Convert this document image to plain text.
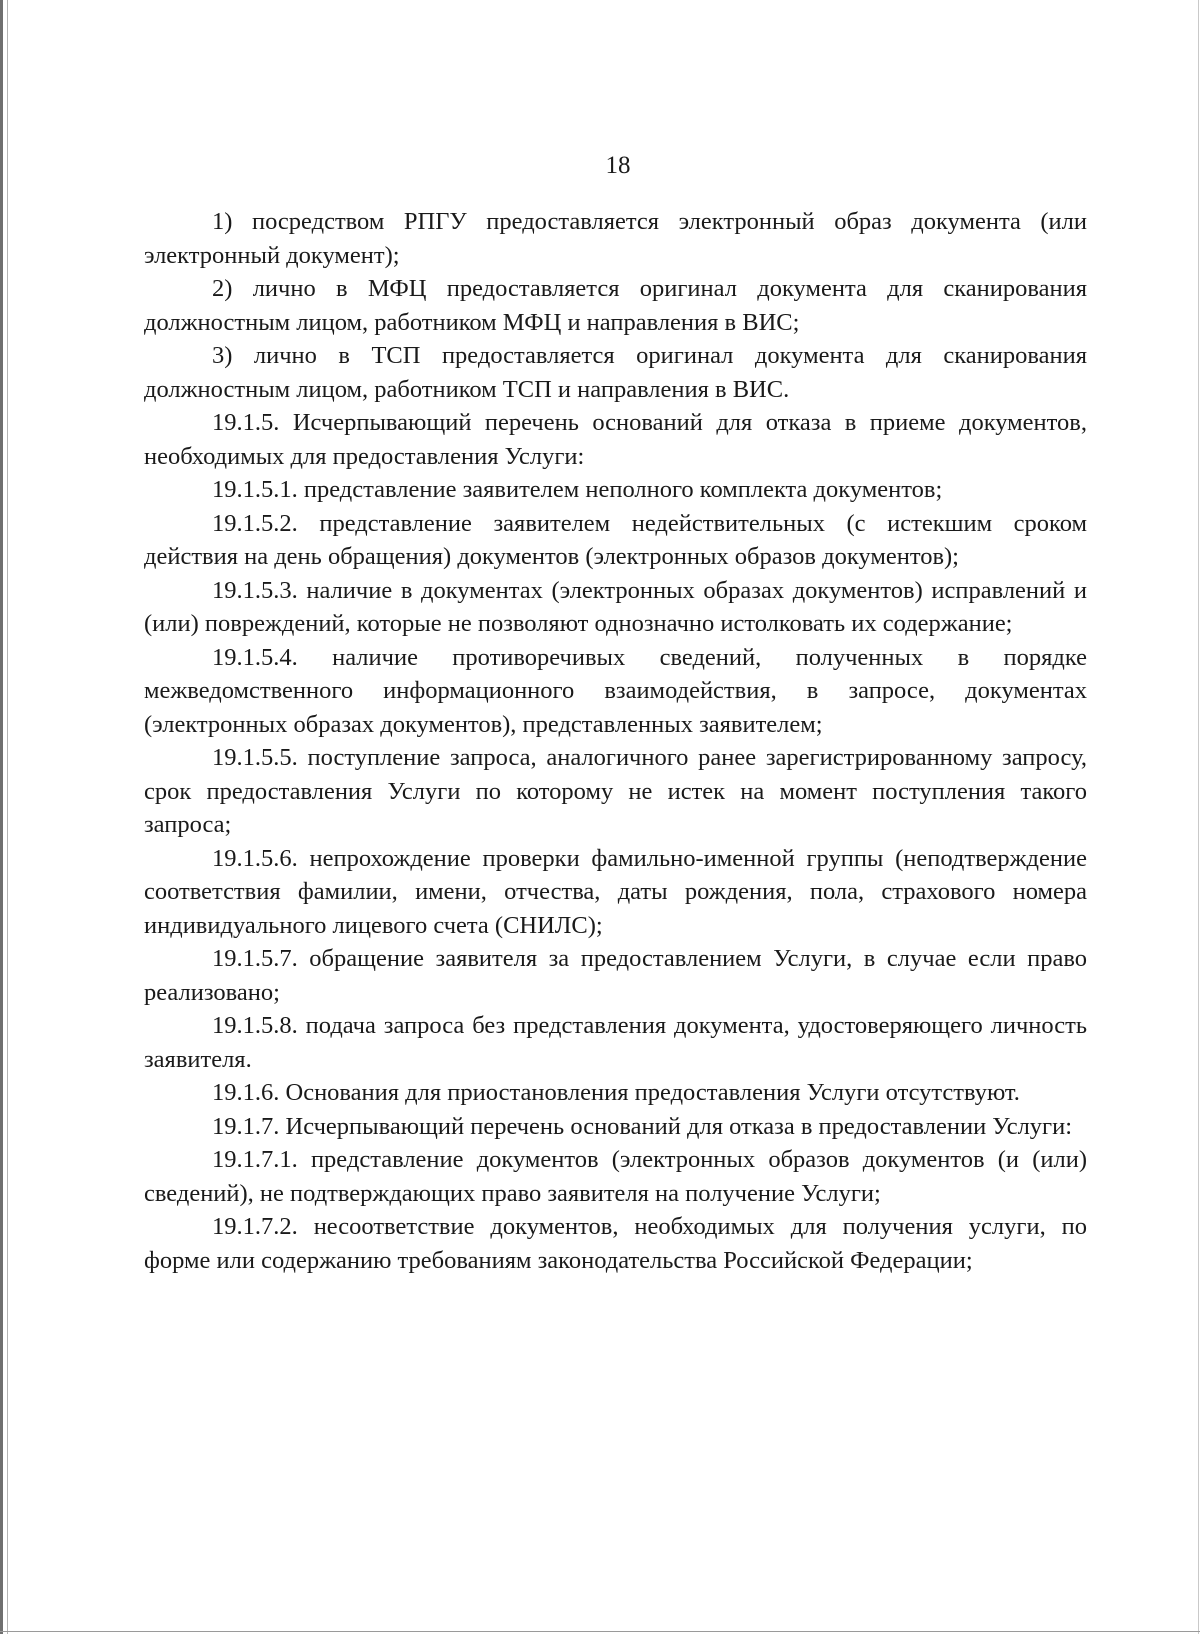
18

1) посредством РПГУ предоставляется электронный образ документа (или электронный документ);

2) лично в МФЦ предоставляется оригинал документа для сканирования должностным лицом, работником МФЦ и направления в ВИС;

3) лично в ТСП предоставляется оригинал документа для сканирования должностным лицом, работником ТСП и направления в ВИС.

19.1.5. Исчерпывающий перечень оснований для отказа в приеме документов, необходимых для предоставления Услуги:

19.1.5.1. представление заявителем неполного комплекта документов;

19.1.5.2. представление заявителем недействительных (с истекшим сроком действия на день обращения) документов (электронных образов документов);

19.1.5.3. наличие в документах (электронных образах документов) исправлений и (или) повреждений, которые не позволяют однозначно истолковать их содержание;

19.1.5.4. наличие противоречивых сведений, полученных в порядке межведомственного информационного взаимодействия, в запросе, документах (электронных образах документов), представленных заявителем;

19.1.5.5. поступление запроса, аналогичного ранее зарегистрированному запросу, срок предоставления Услуги по которому не истек на момент поступления такого запроса;

19.1.5.6. непрохождение проверки фамильно-именной группы (неподтверждение соответствия фамилии, имени, отчества, даты рождения, пола, страхового номера индивидуального лицевого счета (СНИЛС);

19.1.5.7. обращение заявителя за предоставлением Услуги, в случае если право реализовано;

19.1.5.8. подача запроса без представления документа, удостоверяющего личность заявителя.

19.1.6. Основания для приостановления предоставления Услуги отсутствуют.

19.1.7. Исчерпывающий перечень оснований для отказа в предоставлении Услуги:

19.1.7.1. представление документов (электронных образов документов (и (или) сведений), не подтверждающих право заявителя на получение Услуги;

19.1.7.2. несоответствие документов, необходимых для получения услуги, по форме или содержанию требованиям законодательства Российской Федерации;
